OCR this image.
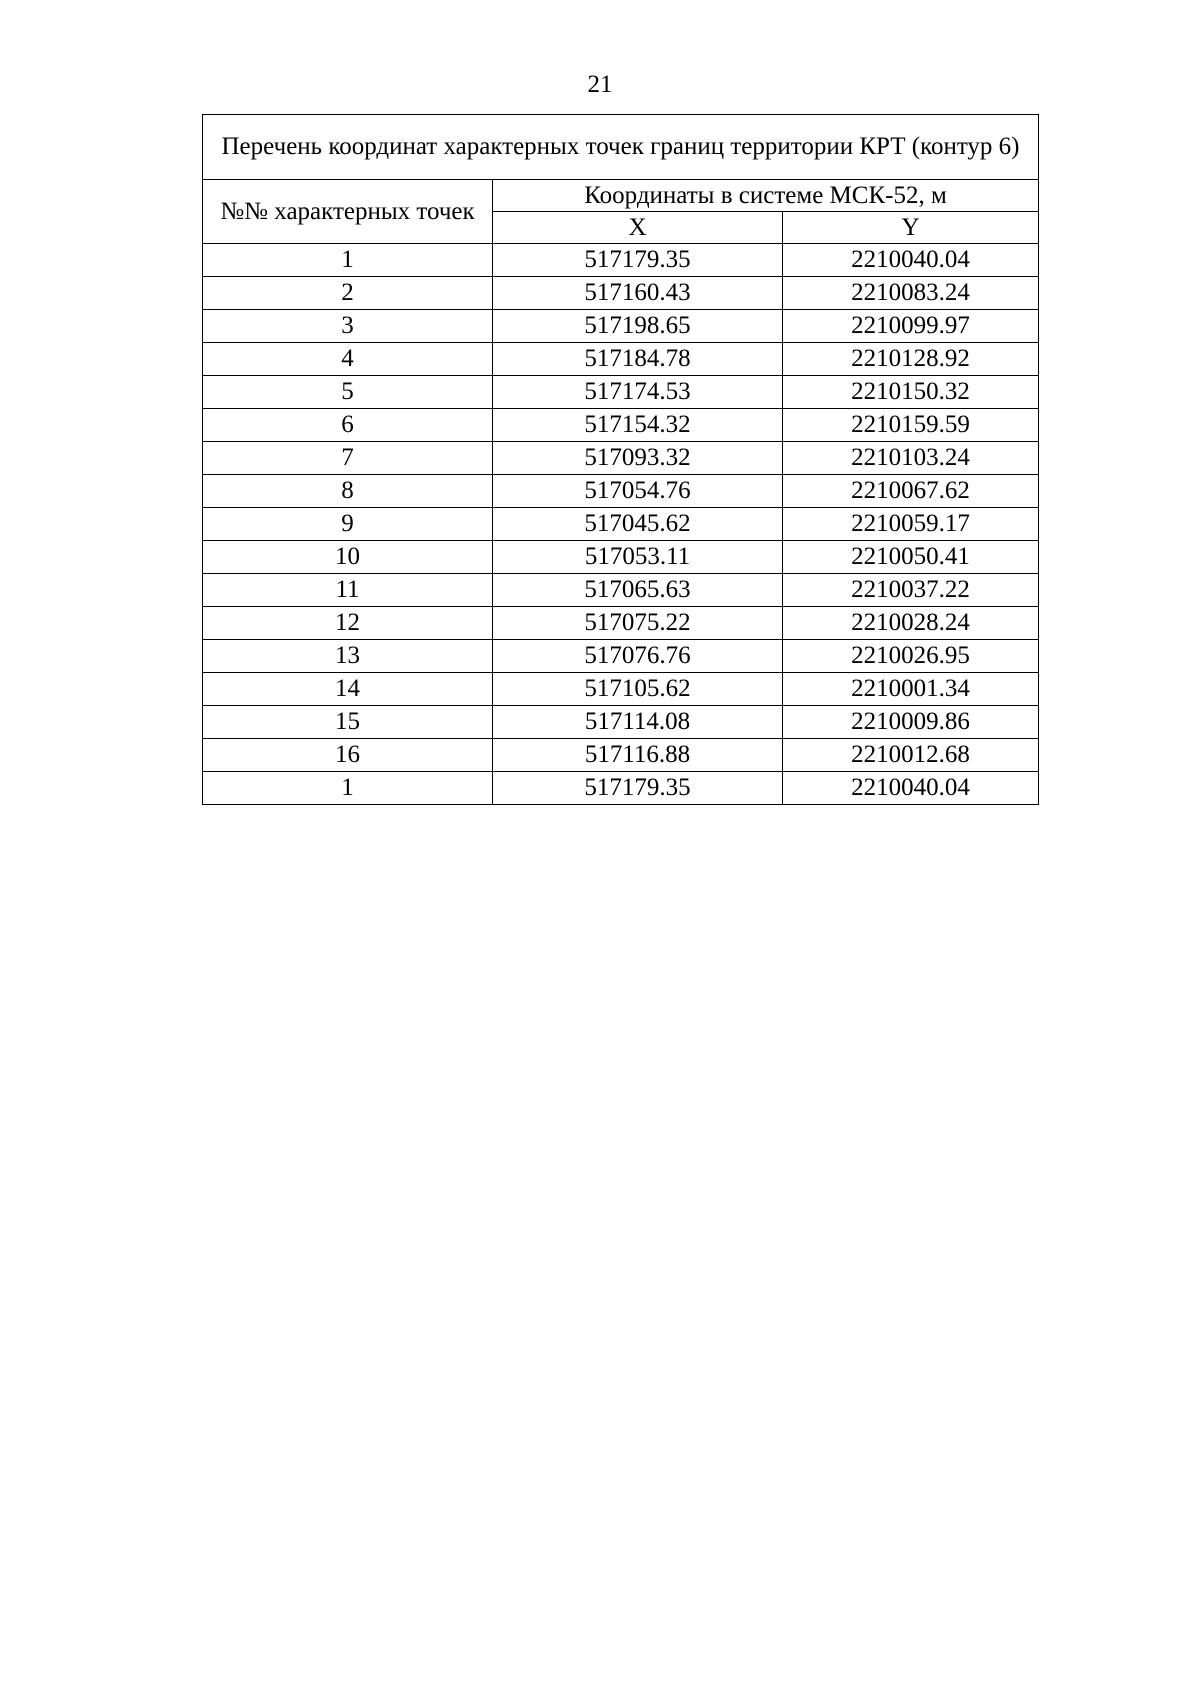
21
Перечень координат характерных точек границ территории КРТ (контур 6)		
№№ характерных точек	Координаты в системе МСК-52, м	
	X	Y
1	517179.35	2210040.04
2	517160.43	2210083.24
3	517198.65	2210099.97
4	517184.78	2210128.92
5	517174.53	2210150.32
6	517154.32	2210159.59
7	517093.32	2210103.24
8	517054.76	2210067.62
9	517045.62	2210059.17
10	517053.11	2210050.41
11	517065.63	2210037.22
12	517075.22	2210028.24
13	517076.76	2210026.95
14	517105.62	2210001.34
15	517114.08	2210009.86
16	517116.88	2210012.68
1	517179.35	2210040.04
